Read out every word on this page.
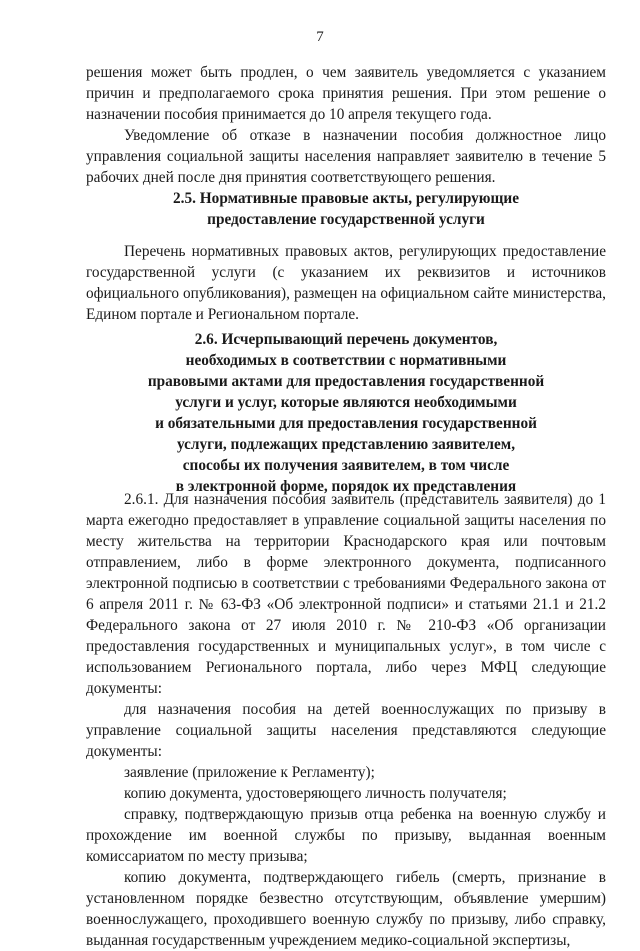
7

решения может быть продлен, о чем заявитель уведомляется с указанием причин и предполагаемого срока принятия решения. При этом решение о назначении пособия принимается до 10 апреля текущего года.

Уведомление об отказе в назначении пособия должностное лицо управления социальной защиты населения направляет заявителю в течение 5 рабочих дней после дня принятия соответствующего решения.

2.5. Нормативные правовые акты, регулирующие
предоставление государственной услуги

Перечень нормативных правовых актов, регулирующих предоставление государственной услуги (с указанием их реквизитов и источников официального опубликования), размещен на официальном сайте министерства, Едином портале и Региональном портале.

2.6. Исчерпывающий перечень документов,
необходимых в соответствии с нормативными
правовыми актами для предоставления государственной
услуги и услуг, которые являются необходимыми
и обязательными для предоставления государственной
услуги, подлежащих представлению заявителем,
способы их получения заявителем, в том числе
в электронной форме, порядок их представления

2.6.1. Для назначения пособия заявитель (представитель заявителя) до 1 марта ежегодно предоставляет в управление социальной защиты населения по месту жительства на территории Краснодарского края или почтовым отправлением, либо в форме электронного документа, подписанного электронной подписью в соответствии с требованиями Федерального закона от 6 апреля 2011 г. № 63-ФЗ «Об электронной подписи» и статьями 21.1 и 21.2 Федерального закона от 27 июля 2010 г. № 210-ФЗ «Об организации предоставления государственных и муниципальных услуг», в том числе с использованием Регионального портала, либо через МФЦ следующие документы:

для назначения пособия на детей военнослужащих по призыву в управление социальной защиты населения представляются следующие документы:

заявление (приложение к Регламенту);

копию документа, удостоверяющего личность получателя;

справку, подтверждающую призыв отца ребенка на военную службу и прохождение им военной службы по призыву, выданная военным комиссариатом по месту призыва;

копию документа, подтверждающего гибель (смерть, признание в установленном порядке безвестно отсутствующим, объявление умершим) военнослужащего, проходившего военную службу по призыву, либо справку, выданная государственным учреждением медико-социальной экспертизы,
